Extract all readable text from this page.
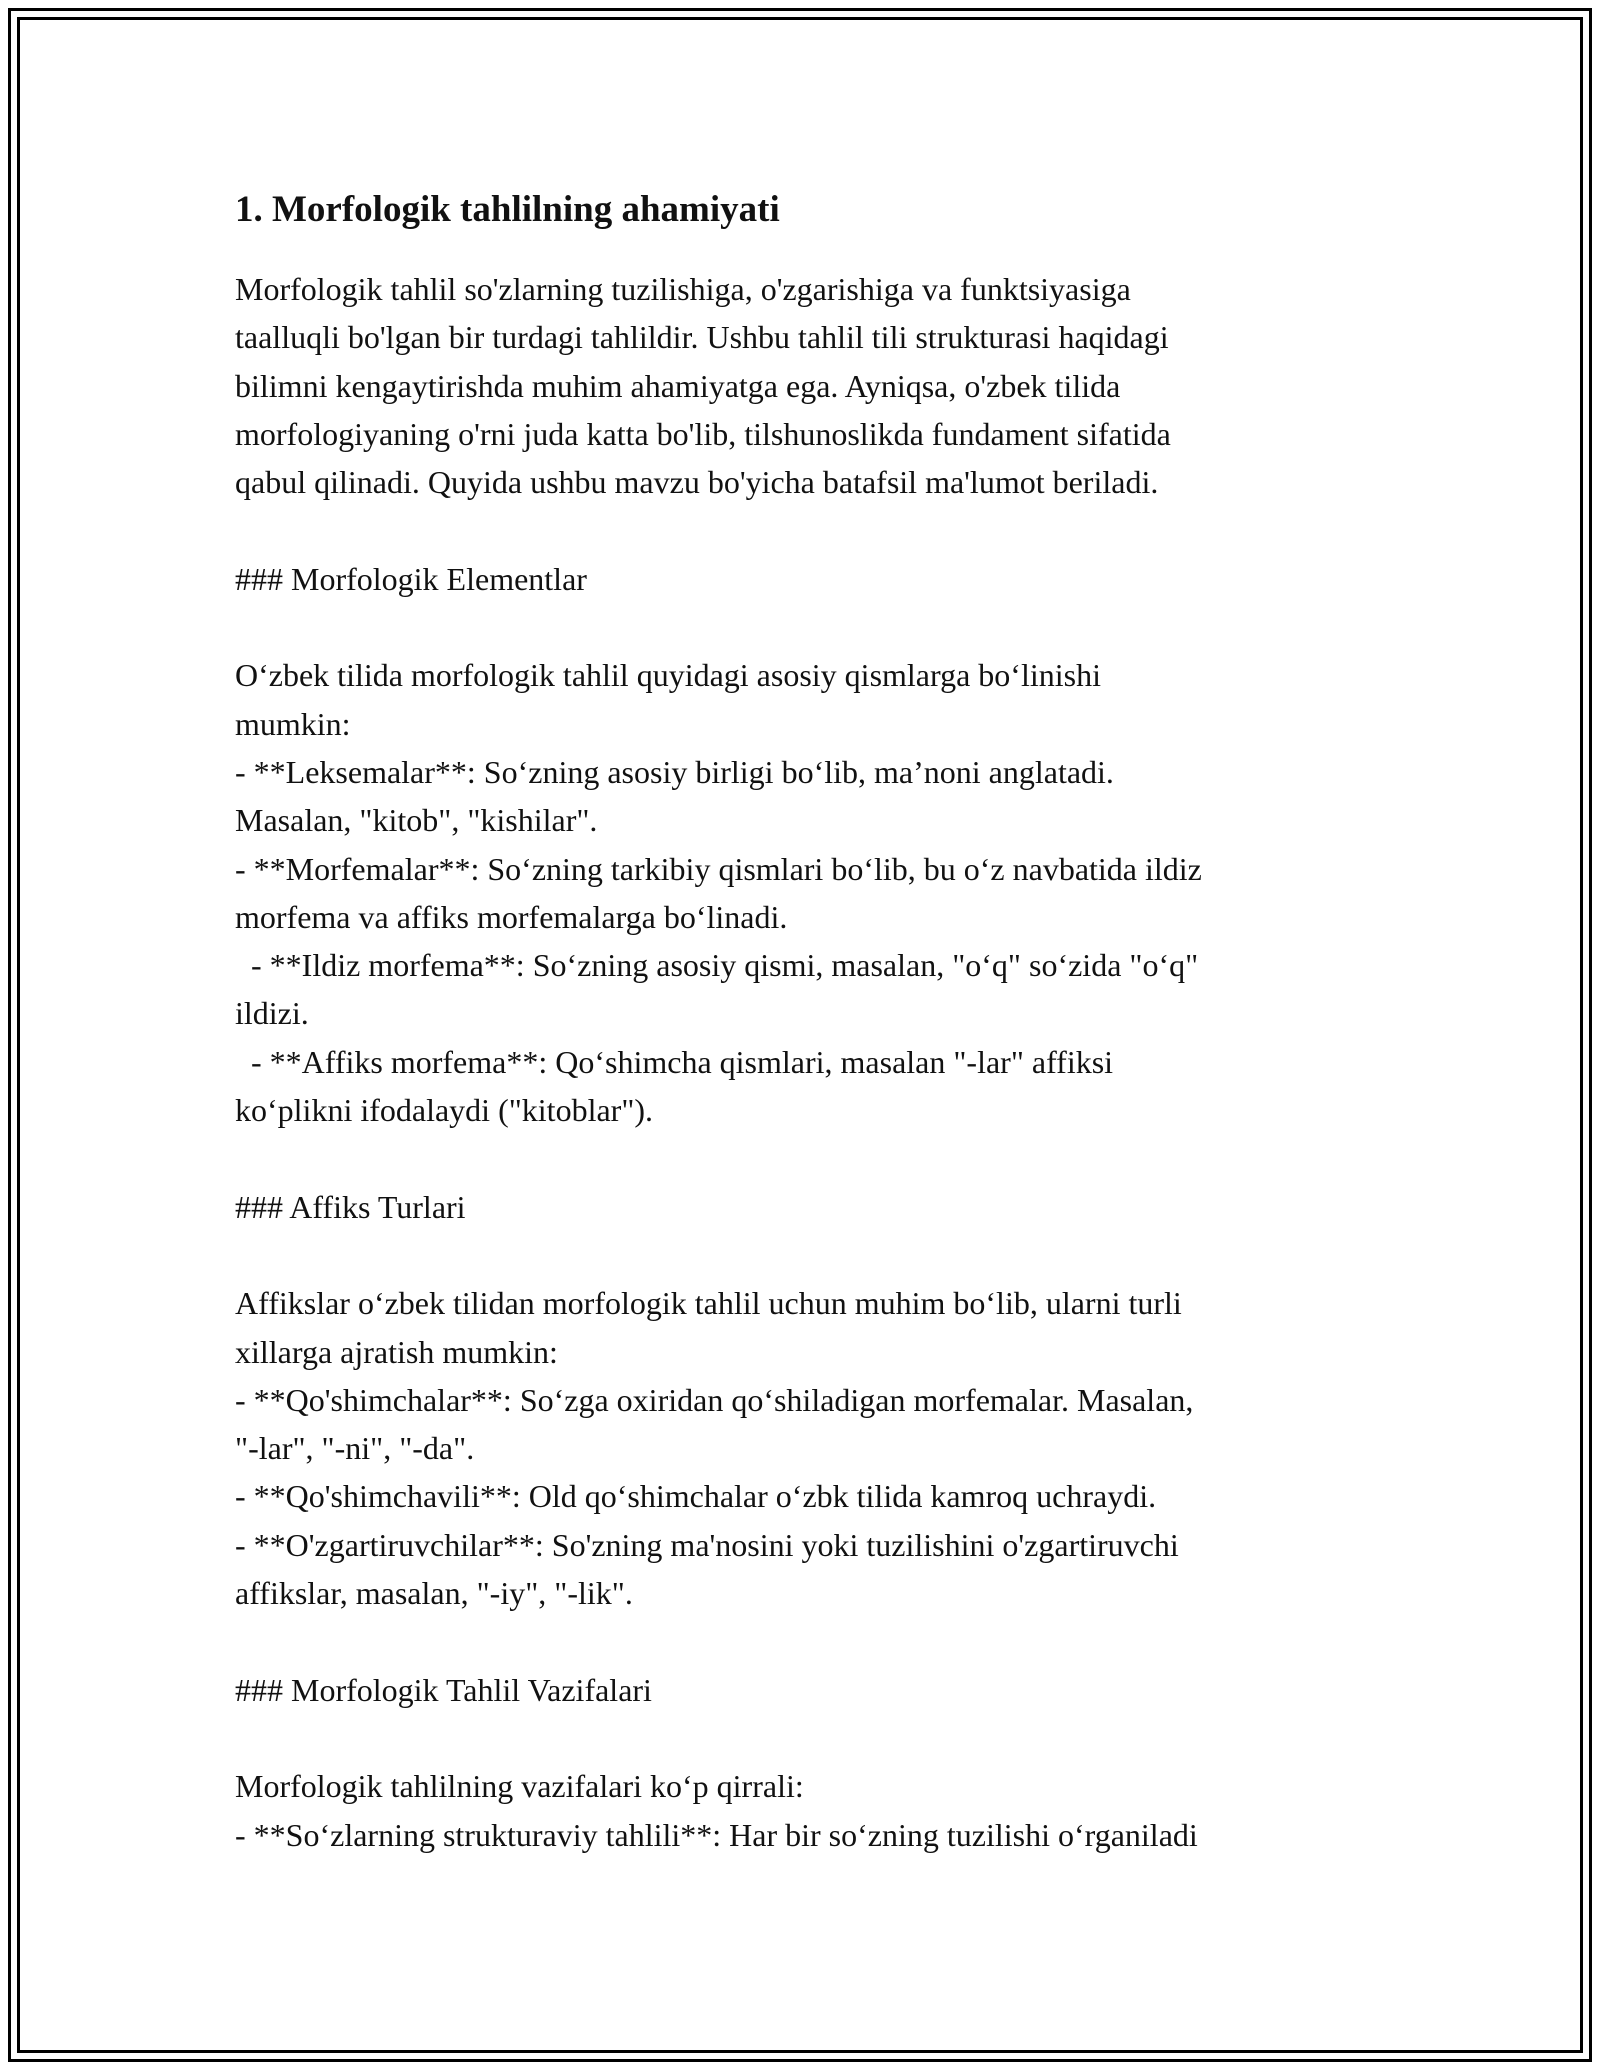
1. Morfologik tahlilning ahamiyati

Morfologik tahlil so'zlarning tuzilishiga, o'zgarishiga va funktsiyasiga

taalluqli bo'lgan bir turdagi tahlildir. Ushbu tahlil tili strukturasi haqidagi

bilimni kengaytirishda muhim ahamiyatga ega. Ayniqsa, o'zbek tilida

morfologiyaning o'rni juda katta bo'lib, tilshunoslikda fundament sifatida

qabul qilinadi. Quyida ushbu mavzu bo'yicha batafsil ma'lumot beriladi.

### Morfologik Elementlar

O‘zbek tilida morfologik tahlil quyidagi asosiy qismlarga bo‘linishi

mumkin:

- **Leksemalar**: So‘zning asosiy birligi bo‘lib, ma’noni anglatadi.

Masalan, "kitob", "kishilar".

- **Morfemalar**: So‘zning tarkibiy qismlari bo‘lib, bu o‘z navbatida ildiz

morfema va affiks morfemalarga bo‘linadi.

- **Ildiz morfema**: So‘zning asosiy qismi, masalan, "o‘q" so‘zida "o‘q"

ildizi.

- **Affiks morfema**: Qo‘shimcha qismlari, masalan "-lar" affiksi

ko‘plikni ifodalaydi ("kitoblar").

### Affiks Turlari

Affikslar o‘zbek tilidan morfologik tahlil uchun muhim bo‘lib, ularni turli

xillarga ajratish mumkin:

- **Qo'shimchalar**: So‘zga oxiridan qo‘shiladigan morfemalar. Masalan,

"-lar", "-ni", "-da".

- **Qo'shimchavili**: Old qo‘shimchalar o‘zbk tilida kamroq uchraydi.

- **O'zgartiruvchilar**: So'zning ma'nosini yoki tuzilishini o'zgartiruvchi

affikslar, masalan, "-iy", "-lik".

### Morfologik Tahlil Vazifalari

Morfologik tahlilning vazifalari ko‘p qirrali:

- **So‘zlarning strukturaviy tahlili**: Har bir so‘zning tuzilishi o‘rganiladi
